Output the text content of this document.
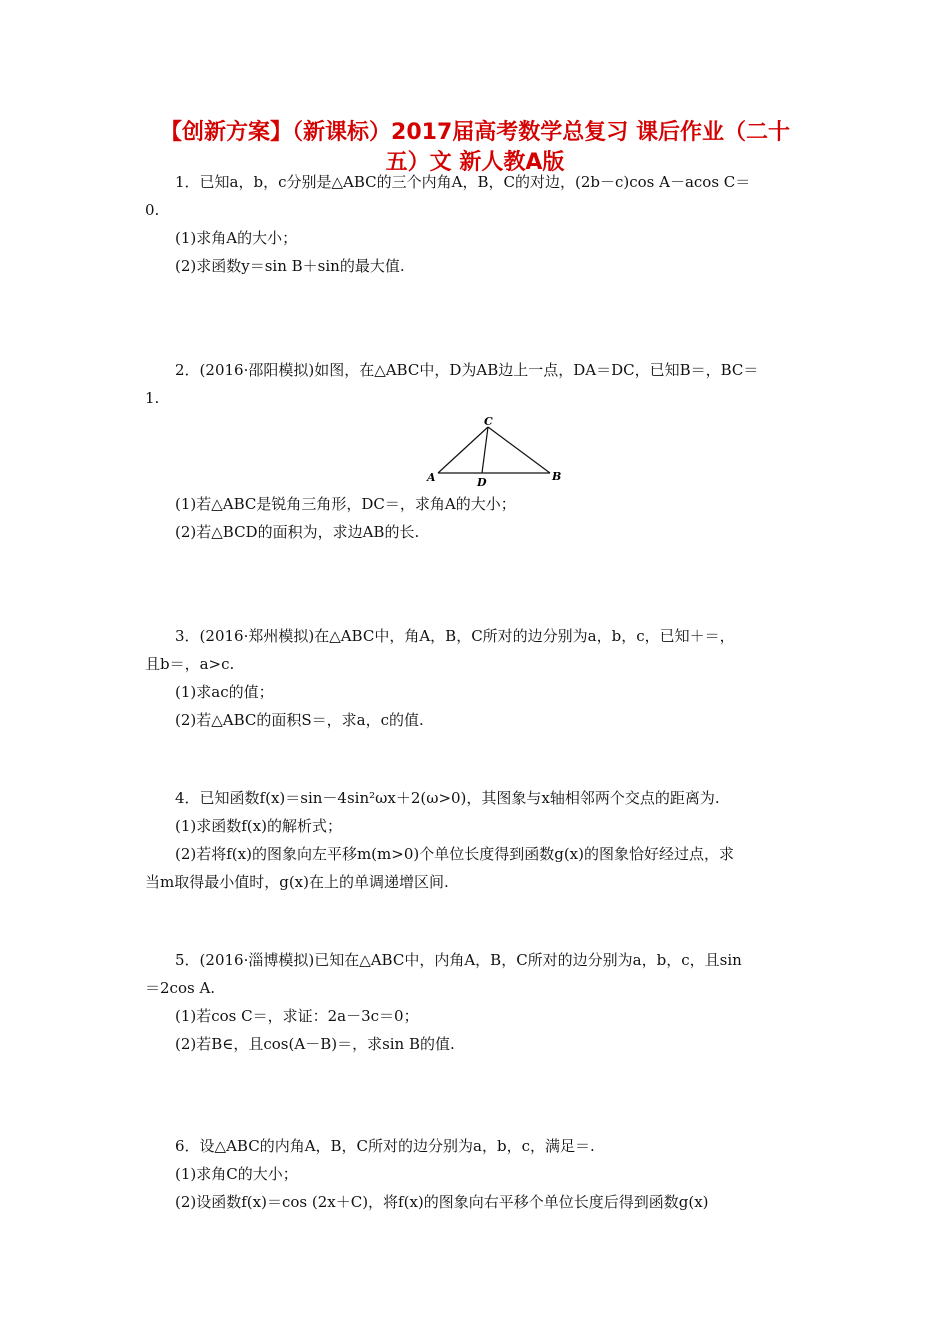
【创新方案】（新课标）2017届高考数学总复习 课后作业（二十
五）文 新人教A版
1．已知a，b，c分别是△ABC的三个内角A，B，C的对边，(2b－c)cos A－acos C＝
0.
(1)求角A的大小；
(2)求函数y＝sin B＋sin的最大值.
2．(2016·邵阳模拟)如图，在△ABC中，D为AB边上一点，DA＝DC，已知B＝，BC＝
1.
A	B
C
D
(1)若△ABC是锐角三角形，DC＝，求角A的大小；
(2)若△BCD的面积为，求边AB的长.
3．(2016·郑州模拟)在△ABC中，角A，B，C所对的边分别为a，b，c，已知＋＝，
且b＝，a>c.
(1)求ac的值；
(2)若△ABC的面积S＝，求a，c的值.
4．已知函数f(x)＝sin－4sin²ωx＋2(ω>0)，其图象与x轴相邻两个交点的距离为.
(1)求函数f(x)的解析式；
(2)若将f(x)的图象向左平移m(m>0)个单位长度得到函数g(x)的图象恰好经过点，求
当m取得最小值时，g(x)在上的单调递增区间.
5．(2016·淄博模拟)已知在△ABC中，内角A，B，C所对的边分别为a，b，c，且sin
＝2cos A.
(1)若cos C＝，求证：2a－3c＝0；
(2)若B∈，且cos(A－B)＝，求sin B的值.
6．设△ABC的内角A，B，C所对的边分别为a，b，c，满足＝.
(1)求角C的大小；
(2)设函数f(x)＝cos (2x＋C)，将f(x)的图象向右平移个单位长度后得到函数g(x)
